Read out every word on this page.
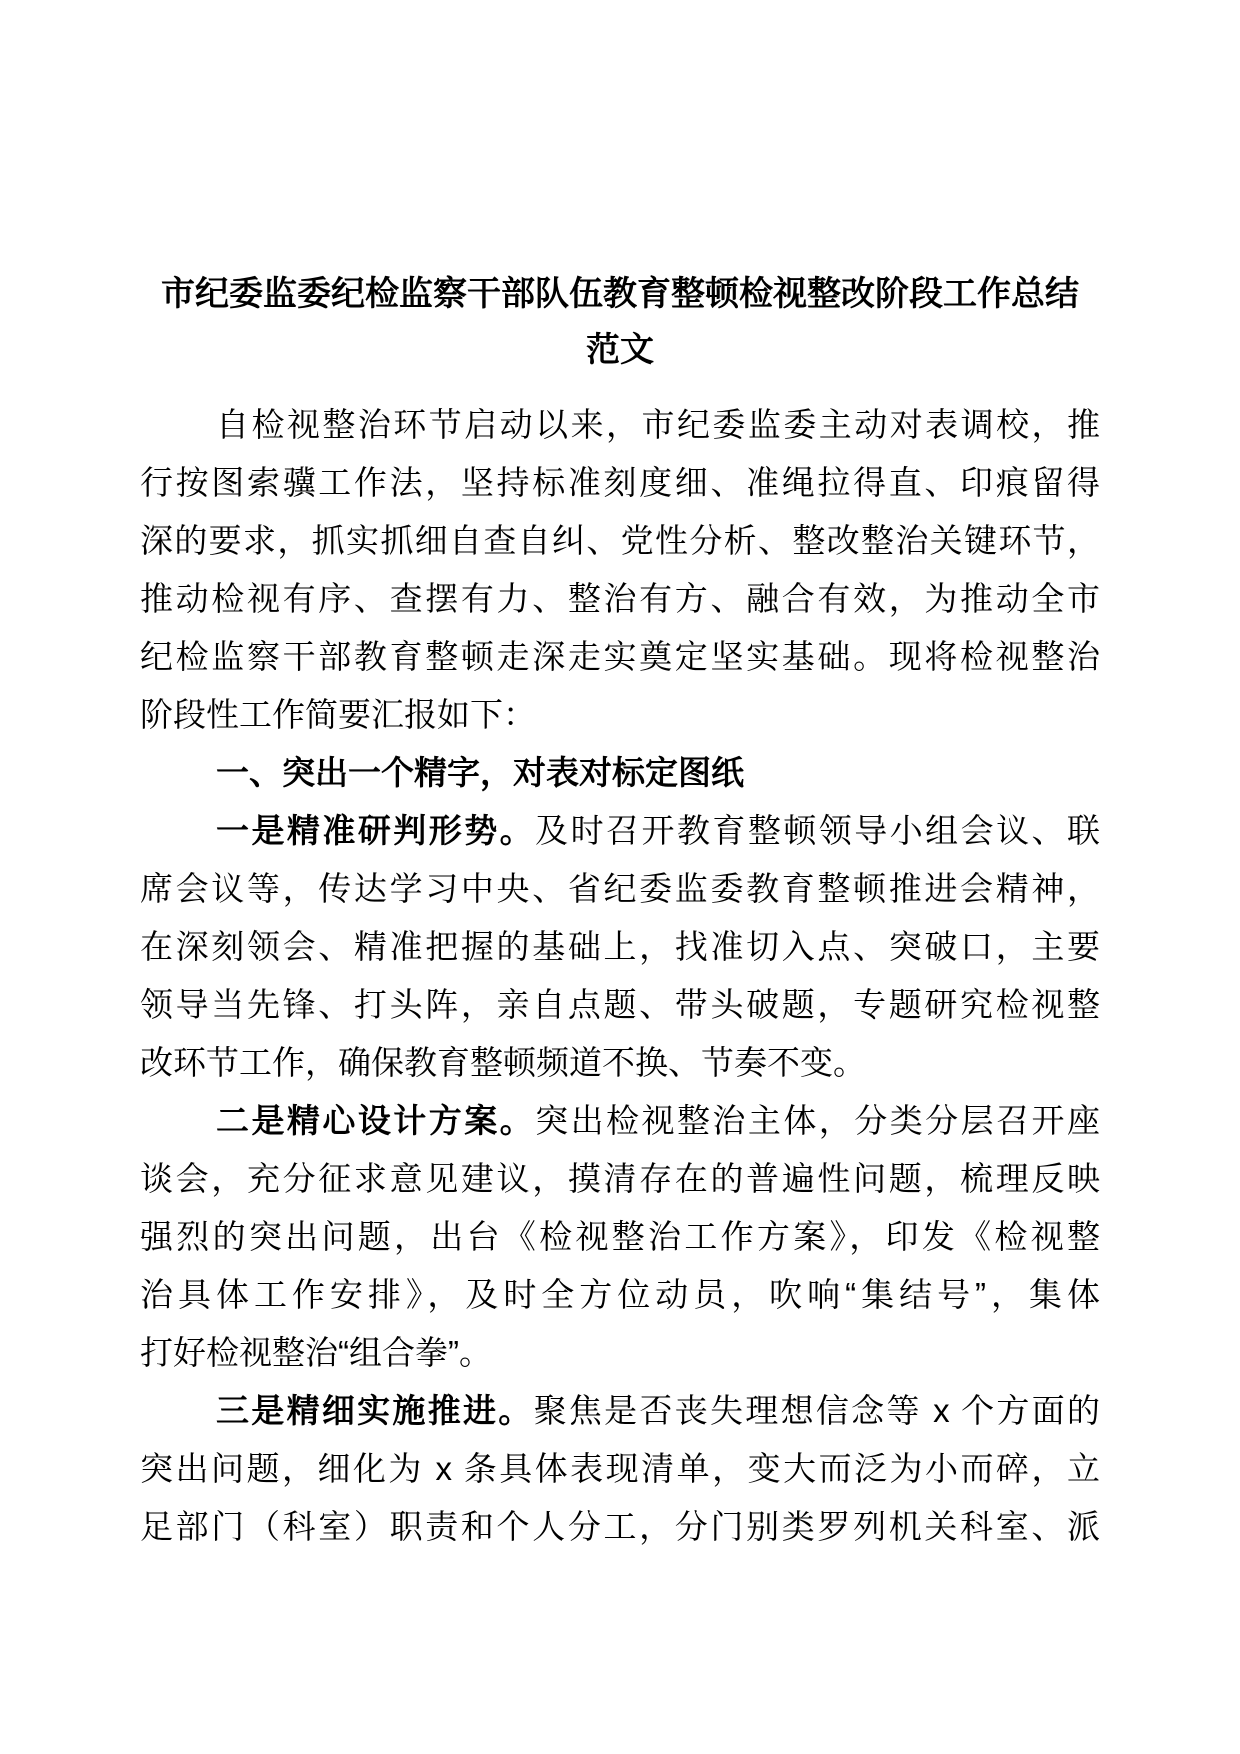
市纪委监委纪检监察干部队伍教育整顿检视整改阶段工作总结
范文
自检视整治环节启动以来，市纪委监委主动对表调校，推
行按图索骥工作法，坚持标准刻度细、准绳拉得直、印痕留得
深的要求，抓实抓细自查自纠、党性分析、整改整治关键环节，
推动检视有序、查摆有力、整治有方、融合有效，为推动全市
纪检监察干部教育整顿走深走实奠定坚实基础。现将检视整治
阶段性工作简要汇报如下：
一、突出一个精字，对表对标定图纸
一是精准研判形势。及时召开教育整顿领导小组会议、联
席会议等，传达学习中央、省纪委监委教育整顿推进会精神，
在深刻领会、精准把握的基础上，找准切入点、突破口，主要
领导当先锋、打头阵，亲自点题、带头破题，专题研究检视整
改环节工作，确保教育整顿频道不换、节奏不变。
二是精心设计方案。突出检视整治主体，分类分层召开座
谈会，充分征求意见建议，摸清存在的普遍性问题，梳理反映
强烈的突出问题，出台《检视整治工作方案》，印发《检视整
治具体工作安排》，及时全方位动员，吹响“集结号”，集体
打好检视整治“组合拳”。
三是精细实施推进。聚焦是否丧失理想信念等 x 个方面的
突出问题，细化为 x 条具体表现清单，变大而泛为小而碎，立
足部门（科室）职责和个人分工，分门别类罗列机关科室、派
